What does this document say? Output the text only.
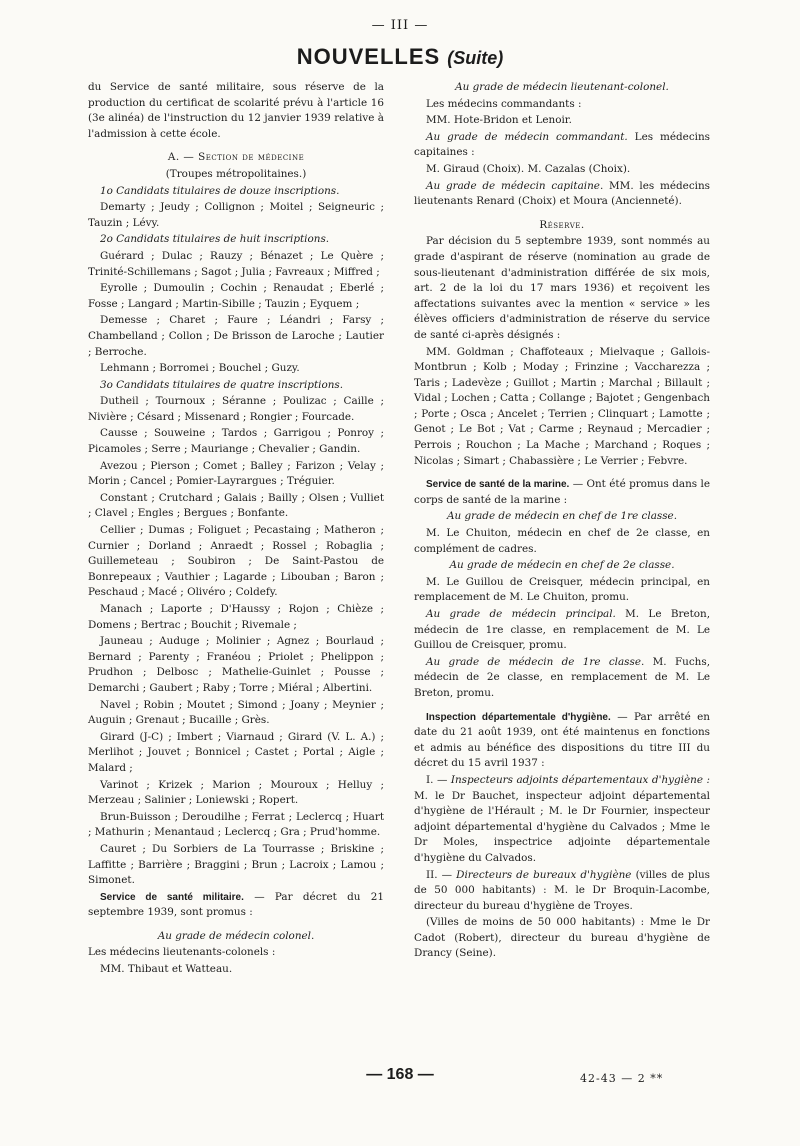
— III —
NOUVELLES (Suite)

du Service de santé militaire, sous réserve de la production du certificat de scolarité prévu à l'article 16 (3e alinéa) de l'instruction du 12 janvier 1939 relative à l'admission à cette école.

A. — Section de médecine

(Troupes métropolitaines.)

1o Candidats titulaires de douze inscriptions.

Demarty ; Jeudy ; Collignon ; Moitel ; Seigneuric ; Tauzin ; Lévy.

2o Candidats titulaires de huit inscriptions.

Guérard ; Dulac ; Rauzy ; Bénazet ; Le Quère ; Trinité-Schillemans ; Sagot ; Julia ; Favreaux ; Miffred ;

Eyrolle ; Dumoulin ; Cochin ; Renaudat ; Eberlé ; Fosse ; Langard ; Martin-Sibille ; Tauzin ; Eyquem ;

Demesse ; Charet ; Faure ; Léandri ; Farsy ; Chambelland ; Collon ; De Brisson de Laroche ; Lautier ; Berroche.

Lehmann ; Borromei ; Bouchel ; Guzy.

3o Candidats titulaires de quatre inscriptions.

Dutheil ; Tournoux ; Séranne ; Poulizac ; Caille ; Nivière ; Césard ; Missenard ; Rongier ; Fourcade.

Causse ; Souweine ; Tardos ; Garrigou ; Ponroy ; Picamoles ; Serre ; Mauriange ; Chevalier ; Gandin.

Avezou ; Pierson ; Comet ; Balley ; Farizon ; Velay ; Morin ; Cancel ; Pomier-Layrargues ; Tréguier.

Constant ; Crutchard ; Galais ; Bailly ; Olsen ; Vulliet ; Clavel ; Engles ; Bergues ; Bonfante.

Cellier ; Dumas ; Foliguet ; Pecastaing ; Matheron ; Curnier ; Dorland ; Anraedt ; Rossel ; Robaglia ; Guillemeteau ; Soubiron ; De Saint-Pastou de Bonrepeaux ; Vauthier ; Lagarde ; Libouban ; Baron ; Peschaud ; Macé ; Olivéro ; Coldefy.

Manach ; Laporte ; D'Haussy ; Rojon ; Chièze ; Domens ; Bertrac ; Bouchit ; Rivemale ;

Jauneau ; Auduge ; Molinier ; Agnez ; Bourlaud ; Bernard ; Parenty ; Franéou ; Priolet ; Phelippon ; Prudhon ; Delbosc ; Mathelie-Guinlet ; Pousse ; Demarchi ; Gaubert ; Raby ; Torre ; Miéral ; Albertini.

Navel ; Robin ; Moutet ; Simond ; Joany ; Meynier ; Auguin ; Grenaut ; Bucaille ; Grès.

Girard (J-C) ; Imbert ; Viarnaud ; Girard (V. L. A.) ; Merlihot ; Jouvet ; Bonnicel ; Castet ; Portal ; Aigle ; Malard ;

Varinot ; Krizek ; Marion ; Mouroux ; Helluy ; Merzeau ; Salinier ; Loniewski ; Ropert.

Brun-Buisson ; Deroudilhe ; Ferrat ; Leclercq ; Huart ; Mathurin ; Menantaud ; Leclercq ; Gra ; Prud'homme.

Cauret ; Du Sorbiers de La Tourrasse ; Briskine ; Laffitte ; Barrière ; Braggini ; Brun ; Lacroix ; Lamou ; Simonet.

Service de santé militaire. — Par décret du 21 septembre 1939, sont promus :

Au grade de médecin colonel.

Les médecins lieutenants-colonels :

MM. Thibaut et Watteau.

Au grade de médecin lieutenant-colonel.

Les médecins commandants :

MM. Hote-Bridon et Lenoir.

Au grade de médecin commandant. Les médecins capitaines :

M. Giraud (Choix). M. Cazalas (Choix).

Au grade de médecin capitaine. MM. les médecins lieutenants Renard (Choix) et Moura (Ancienneté).

Réserve.

Par décision du 5 septembre 1939, sont nommés au grade d'aspirant de réserve (nomination au grade de sous-lieutenant d'administration différée de six mois, art. 2 de la loi du 17 mars 1936) et reçoivent les affectations suivantes avec la mention « service » les élèves officiers d'administration de réserve du service de santé ci-après désignés :

MM. Goldman ; Chaffoteaux ; Mielvaque ; Gallois-Montbrun ; Kolb ; Moday ; Frinzine ; Vaccharezza ; Taris ; Ladevèze ; Guillot ; Martin ; Marchal ; Billault ; Vidal ; Lochen ; Catta ; Collange ; Bajotet ; Gengenbach ; Porte ; Osca ; Ancelet ; Terrien ; Clinquart ; Lamotte ; Genot ; Le Bot ; Vat ; Carme ; Reynaud ; Mercadier ; Perrois ; Rouchon ; La Mache ; Marchand ; Roques ; Nicolas ; Simart ; Chabassière ; Le Verrier ; Febvre.

Service de santé de la marine. — Ont été promus dans le corps de santé de la marine :

Au grade de médecin en chef de 1re classe.

M. Le Chuiton, médecin en chef de 2e classe, en complément de cadres.

Au grade de médecin en chef de 2e classe.

M. Le Guillou de Creisquer, médecin principal, en remplacement de M. Le Chuiton, promu.

Au grade de médecin principal. M. Le Breton, médecin de 1re classe, en remplacement de M. Le Guillou de Creisquer, promu.

Au grade de médecin de 1re classe. M. Fuchs, médecin de 2e classe, en remplacement de M. Le Breton, promu.

Inspection départementale d'hygiène. — Par arrêté en date du 21 août 1939, ont été maintenus en fonctions et admis au bénéfice des dispositions du titre III du décret du 15 avril 1937 :

I. — Inspecteurs adjoints départementaux d'hygiène : M. le Dr Bauchet, inspecteur adjoint départemental d'hygiène de l'Hérault ; M. le Dr Fournier, inspecteur adjoint départemental d'hygiène du Calvados ; Mme le Dr Moles, inspectrice adjointe départementale d'hygiène du Calvados.

II. — Directeurs de bureaux d'hygiène (villes de plus de 50 000 habitants) : M. le Dr Broquin-Lacombe, directeur du bureau d'hygiène de Troyes.

(Villes de moins de 50 000 habitants) : Mme le Dr Cadot (Robert), directeur du bureau d'hygiène de Drancy (Seine).

— 168 —	42-43 — 2 **
